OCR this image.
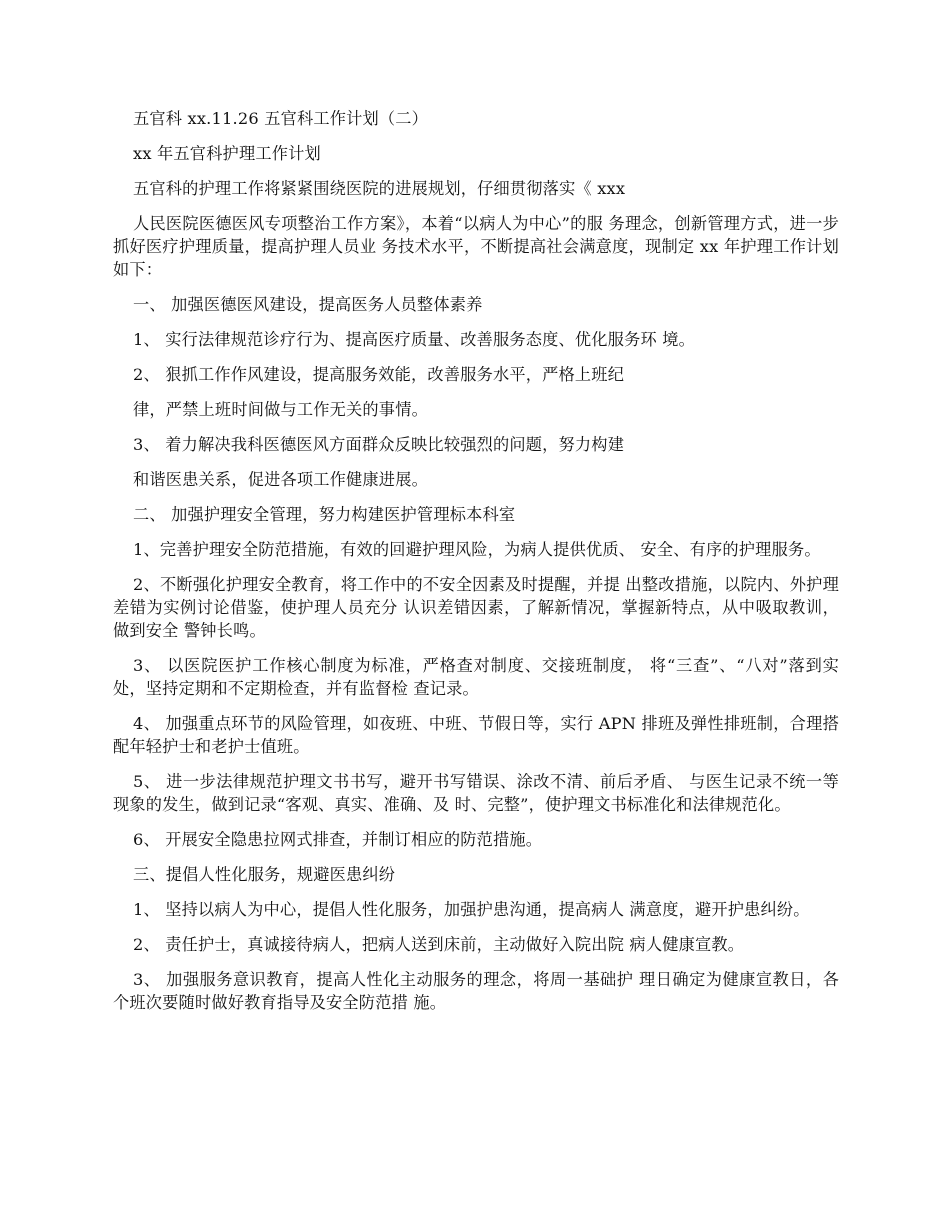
五官科 xx.11.26 五官科工作计划（二）

xx 年五官科护理工作计划

五官科的护理工作将紧紧围绕医院的进展规划，仔细贯彻落实《 xxx

人民医院医德医风专项整治工作方案》，本着“以病人为中心”的服 务理念，创新管理方式，进一步抓好医疗护理质量，提高护理人员业 务技术水平，不断提高社会满意度，现制定 xx 年护理工作计划如下：

一、 加强医德医风建设，提高医务人员整体素养

1、 实行法律规范诊疗行为、提高医疗质量、改善服务态度、优化服务环 境。

2、 狠抓工作作风建设，提高服务效能，改善服务水平，严格上班纪

律，严禁上班时间做与工作无关的事情。

3、 着力解决我科医德医风方面群众反映比较强烈的问题，努力构建

和谐医患关系，促进各项工作健康进展。

二、 加强护理安全管理，努力构建医护管理标本科室

1、完善护理安全防范措施，有效的回避护理风险，为病人提供优质、 安全、有序的护理服务。

2、不断强化护理安全教育，将工作中的不安全因素及时提醒，并提 出整改措施，以院内、外护理差错为实例讨论借鉴，使护理人员充分 认识差错因素，了解新情况，掌握新特点，从中吸取教训，做到安全 警钟长鸣。

3、 以医院医护工作核心制度为标准，严格查对制度、交接班制度， 将“三查”、“八对”落到实处，坚持定期和不定期检查，并有监督检 查记录。

4、 加强重点环节的风险管理，如夜班、中班、节假日等，实行 APN 排班及弹性排班制，合理搭配年轻护士和老护士值班。

5、 进一步法律规范护理文书书写，避开书写错误、涂改不清、前后矛盾、 与医生记录不统一等现象的发生，做到记录“客观、真实、准确、及 时、完整”，使护理文书标准化和法律规范化。

6、 开展安全隐患拉网式排查，并制订相应的防范措施。

三、提倡人性化服务，规避医患纠纷

1、 坚持以病人为中心，提倡人性化服务，加强护患沟通，提高病人 满意度，避开护患纠纷。

2、 责任护士，真诚接待病人，把病人送到床前，主动做好入院出院 病人健康宣教。

3、 加强服务意识教育，提高人性化主动服务的理念，将周一基础护 理日确定为健康宣教日，各个班次要随时做好教育指导及安全防范措 施。
